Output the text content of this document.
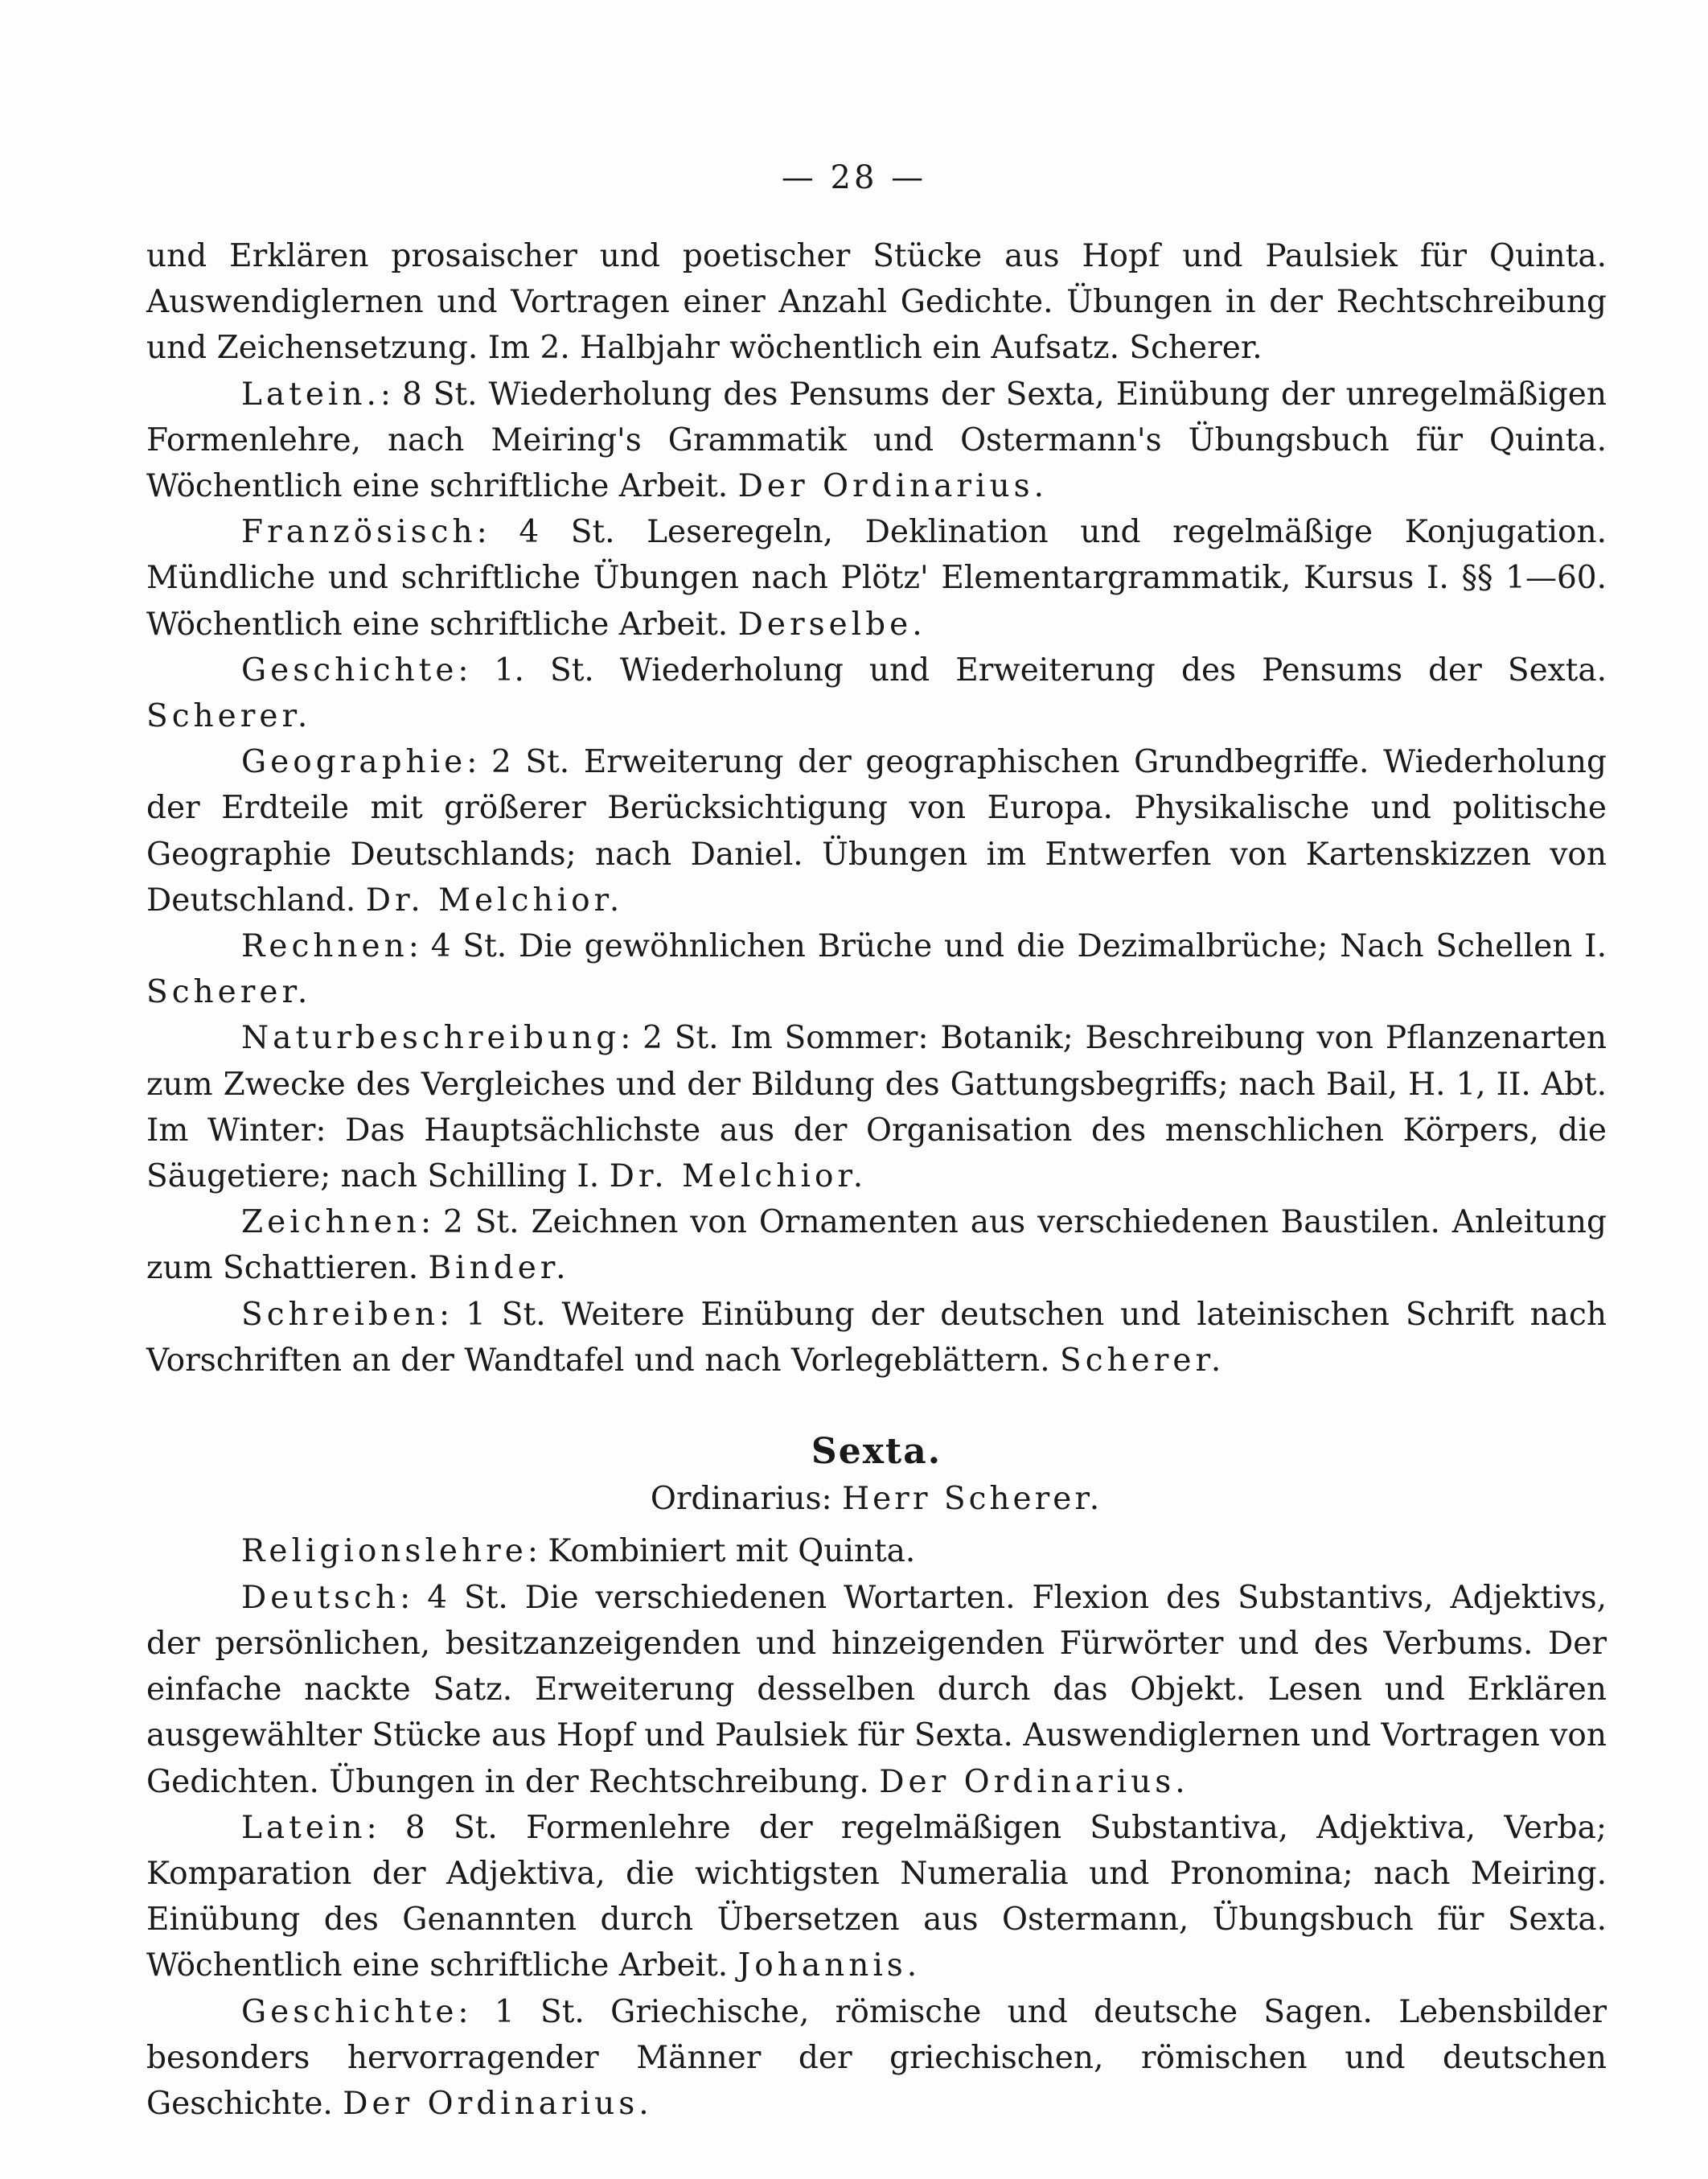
— 28 —

und Erklären prosaischer und poetischer Stücke aus Hopf und Paulsiek für Quinta. Auswendiglernen und Vortragen einer Anzahl Gedichte. Übungen in der Rechtschreibung und Zeichensetzung. Im 2. Halbjahr wöchentlich ein Aufsatz. Scherer.

Latein.: 8 St. Wiederholung des Pensums der Sexta, Einübung der unregelmäßigen Formenlehre, nach Meiring's Grammatik und Ostermann's Übungsbuch für Quinta. Wöchentlich eine schriftliche Arbeit. Der Ordinarius.

Französisch: 4 St. Leseregeln, Deklination und regelmäßige Konjugation. Mündliche und schriftliche Übungen nach Plötz' Elementargrammatik, Kursus I. §§ 1—60. Wöchentlich eine schriftliche Arbeit. Derselbe.

Geschichte: 1. St. Wiederholung und Erweiterung des Pensums der Sexta. Scherer.

Geographie: 2 St. Erweiterung der geographischen Grundbegriffe. Wiederholung der Erdteile mit größerer Berücksichtigung von Europa. Physikalische und politische Geographie Deutschlands; nach Daniel. Übungen im Entwerfen von Kartenskizzen von Deutschland. Dr. Melchior.

Rechnen: 4 St. Die gewöhnlichen Brüche und die Dezimalbrüche; Nach Schellen I. Scherer.

Naturbeschreibung: 2 St. Im Sommer: Botanik; Beschreibung von Pflanzenarten zum Zwecke des Vergleiches und der Bildung des Gattungsbegriffs; nach Bail, H. 1, II. Abt. Im Winter: Das Hauptsächlichste aus der Organisation des menschlichen Körpers, die Säugetiere; nach Schilling I. Dr. Melchior.

Zeichnen: 2 St. Zeichnen von Ornamenten aus verschiedenen Baustilen. Anleitung zum Schattieren. Binder.

Schreiben: 1 St. Weitere Einübung der deutschen und lateinischen Schrift nach Vorschriften an der Wandtafel und nach Vorlegeblättern. Scherer.

Sexta.

Ordinarius: Herr Scherer.

Religionslehre: Kombiniert mit Quinta.

Deutsch: 4 St. Die verschiedenen Wortarten. Flexion des Substantivs, Adjektivs, der persönlichen, besitzanzeigenden und hinzeigenden Fürwörter und des Verbums. Der einfache nackte Satz. Erweiterung desselben durch das Objekt. Lesen und Erklären ausgewählter Stücke aus Hopf und Paulsiek für Sexta. Auswendiglernen und Vortragen von Gedichten. Übungen in der Rechtschreibung. Der Ordinarius.

Latein: 8 St. Formenlehre der regelmäßigen Substantiva, Adjektiva, Verba; Komparation der Adjektiva, die wichtigsten Numeralia und Pronomina; nach Meiring. Einübung des Genannten durch Übersetzen aus Ostermann, Übungsbuch für Sexta. Wöchentlich eine schriftliche Arbeit. Johannis.

Geschichte: 1 St. Griechische, römische und deutsche Sagen. Lebensbilder besonders hervorragender Männer der griechischen, römischen und deutschen Geschichte. Der Ordinarius.
